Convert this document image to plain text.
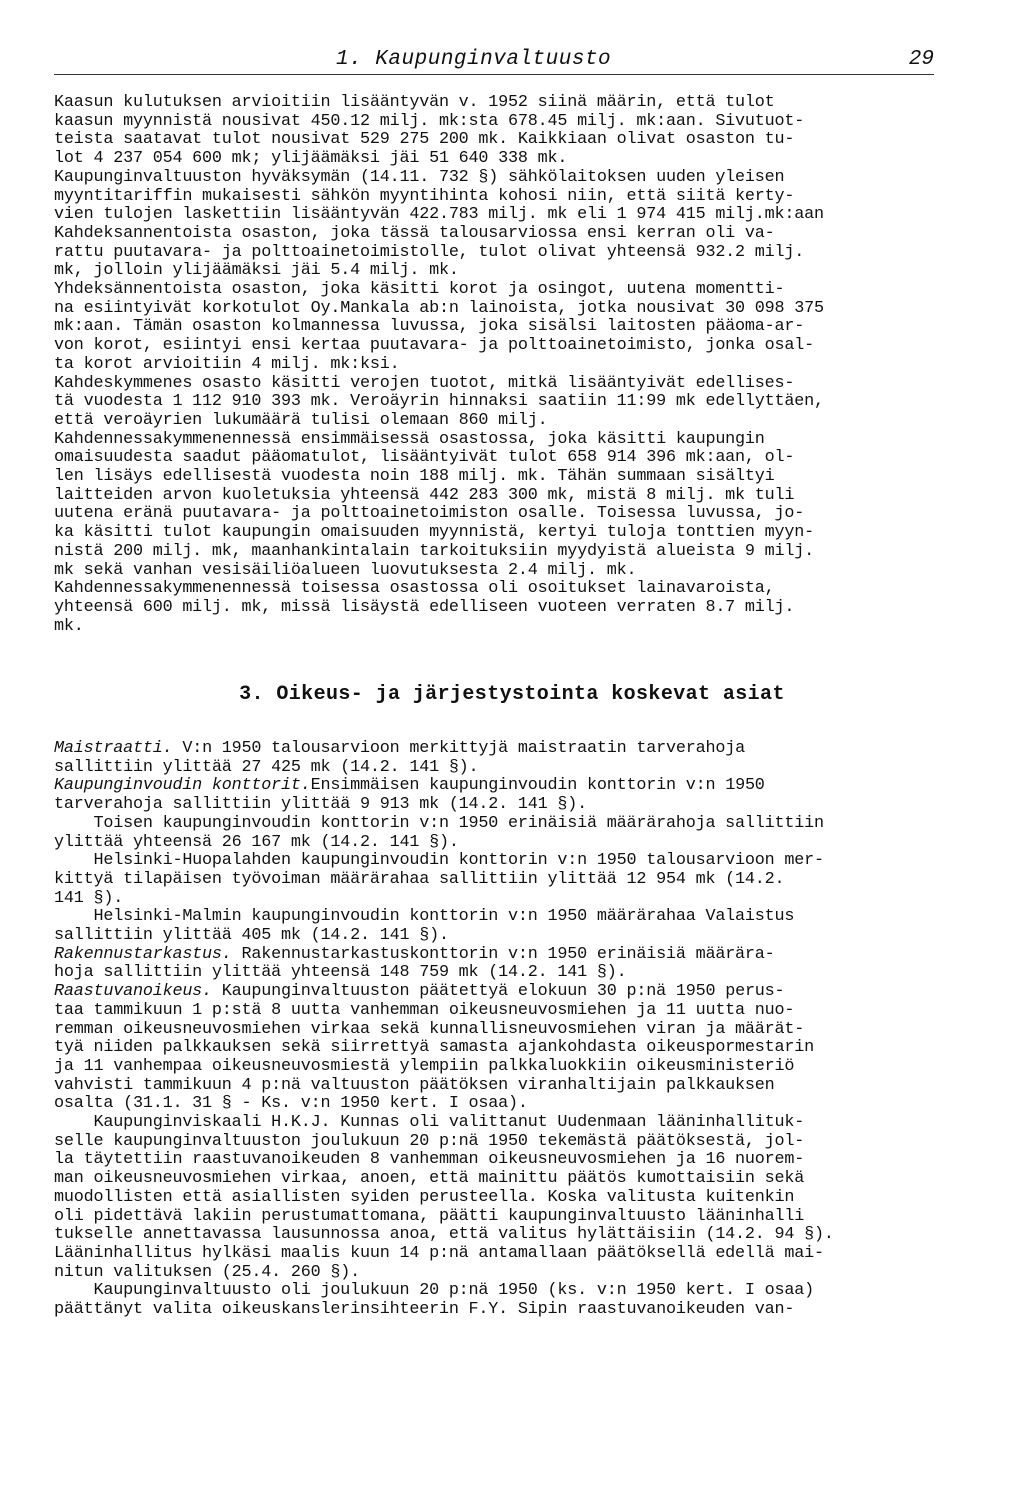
1. Kaupunginvaltuusto	29
Kaasun kulutuksen arvioitiin lisääntyvän v. 1952 siinä määrin, että tulot
kaasun myynnistä nousivat 450.12 milj. mk:sta 678.45 milj. mk:aan. Sivutuot-
teista saatavat tulot nousivat 529 275 200 mk. Kaikkiaan olivat osaston tu-
lot 4 237 054 600 mk; ylijäämäksi jäi 51 640 338 mk.
Kaupunginvaltuuston hyväksymän (14.11. 732 §) sähkölaitoksen uuden yleisen
myyntitariffin mukaisesti sähkön myyntihinta kohosi niin, että siitä kerty-
vien tulojen laskettiin lisääntyvän 422.783 milj. mk eli 1 974 415 milj.mk:aan
Kahdeksannentoista osaston, joka tässä talousarviossa ensi kerran oli va-
rattu puutavara- ja polttoainetoimistolle, tulot olivat yhteensä 932.2 milj.
mk, jolloin ylijäämäksi jäi 5.4 milj. mk.
Yhdeksännentoista osaston, joka käsitti korot ja osingot, uutena momentti-
na esiintyivät korkotulot Oy.Mankala ab:n lainoista, jotka nousivat 30 098 375
mk:aan. Tämän osaston kolmannessa luvussa, joka sisälsi laitosten pääoma-ar-
von korot, esiintyi ensi kertaa puutavara- ja polttoainetoimisto, jonka osal-
ta korot arvioitiin 4 milj. mk:ksi.
Kahdeskymmenes osasto käsitti verojen tuotot, mitkä lisääntyivät edellises-
tä vuodesta 1 112 910 393 mk. Veroäyrin hinnaksi saatiin 11:99 mk edellyttäen,
että veroäyrien lukumäärä tulisi olemaan 860 milj.
Kahdennessakymmenennessä ensimmäisessä osastossa, joka käsitti kaupungin
omaisuudesta saadut pääomatulot, lisääntyivät tulot 658 914 396 mk:aan, ol-
len lisäys edellisestä vuodesta noin 188 milj. mk. Tähän summaan sisältyi
laitteiden arvon kuoletuksia yhteensä 442 283 300 mk, mistä 8 milj. mk tuli
uutena eränä puutavara- ja polttoainetoimiston osalle. Toisessa luvussa, jo-
ka käsitti tulot kaupungin omaisuuden myynnistä, kertyi tuloja tonttien myyn-
nistä 200 milj. mk, maanhankintalain tarkoituksiin myydyistä alueista 9 milj.
mk sekä vanhan vesisäiliöalueen luovutuksesta 2.4 milj. mk.
Kahdennessakymmenennessä toisessa osastossa oli osoitukset lainavaroista,
yhteensä 600 milj. mk, missä lisäystä edelliseen vuoteen verraten 8.7 milj.
mk.
3. Oikeus- ja järjestystointa koskevat asiat
Maistraatti. V:n 1950 talousarvioon merkittyjä maistraatin tarverahoja
sallittiin ylittää 27 425 mk (14.2. 141 §).
Kaupunginvoudin konttorit.Ensimmäisen kaupunginvoudin konttorin v:n 1950
tarverahoja sallittiin ylittää 9 913 mk (14.2. 141 §).
Toisen kaupunginvoudin konttorin v:n 1950 erinäisiä määrärahoja sallittiin
ylittää yhteensä 26 167 mk (14.2. 141 §).
Helsinki-Huopalahden kaupunginvoudin konttorin v:n 1950 talousarvioon mer-
kittyä tilapäisen työvoiman määrärahaa sallittiin ylittää 12 954 mk (14.2.
141 §).
Helsinki-Malmin kaupunginvoudin konttorin v:n 1950 määrärahaa Valaistus
sallittiin ylittää 405 mk (14.2. 141 §).
Rakennustarkastus. Rakennustarkastuskonttorin v:n 1950 erinäisiä määrära-
hoja sallittiin ylittää yhteensä 148 759 mk (14.2. 141 §).
Raastuvanoikeus. Kaupunginvaltuuston päätettyä elokuun 30 p:nä 1950 perus-
taa tammikuun 1 p:stä 8 uutta vanhemman oikeusneuvosmiehen ja 11 uutta nuo-
remman oikeusneuvosmiehen virkaa sekä kunnallisneuvosmiehen viran ja määrät-
tyä niiden palkkauksen sekä siirrettyä samasta ajankohdasta oikeuspormestarin
ja 11 vanhempaa oikeusneuvosmiestä ylempiin palkkaluokkiin oikeusministeriö
vahvisti tammikuun 4 p:nä valtuuston päätöksen viranhaltijain palkkauksen
osalta (31.1. 31 § - Ks. v:n 1950 kert. I osaa).
Kaupunginviskaali H.K.J. Kunnas oli valittanut Uudenmaan lääninhallituk-
selle kaupunginvaltuuston joulukuun 20 p:nä 1950 tekemästä päätöksestä, jol-
la täytettiin raastuvanoikeuden 8 vanhemman oikeusneuvosmiehen ja 16 nuorem-
man oikeusneuvosmiehen virkaa, anoen, että mainittu päätös kumottaisiin sekä
muodollisten että asiallisten syiden perusteella. Koska valitusta kuitenkin
oli pidettävä lakiin perustumattomana, päätti kaupunginvaltuusto lääninhalli
tukselle annettavassa lausunnossa anoa, että valitus hylättäisiin (14.2. 94 §).
Lääninhallitus hylkäsi maalis kuun 14 p:nä antamallaan päätöksellä edellä mai-
nitun valituksen (25.4. 260 §).
Kaupunginvaltuusto oli joulukuun 20 p:nä 1950 (ks. v:n 1950 kert. I osaa)
päättänyt valita oikeuskanslerinsihteerin F.Y. Sipin raastuvanoikeuden van-
